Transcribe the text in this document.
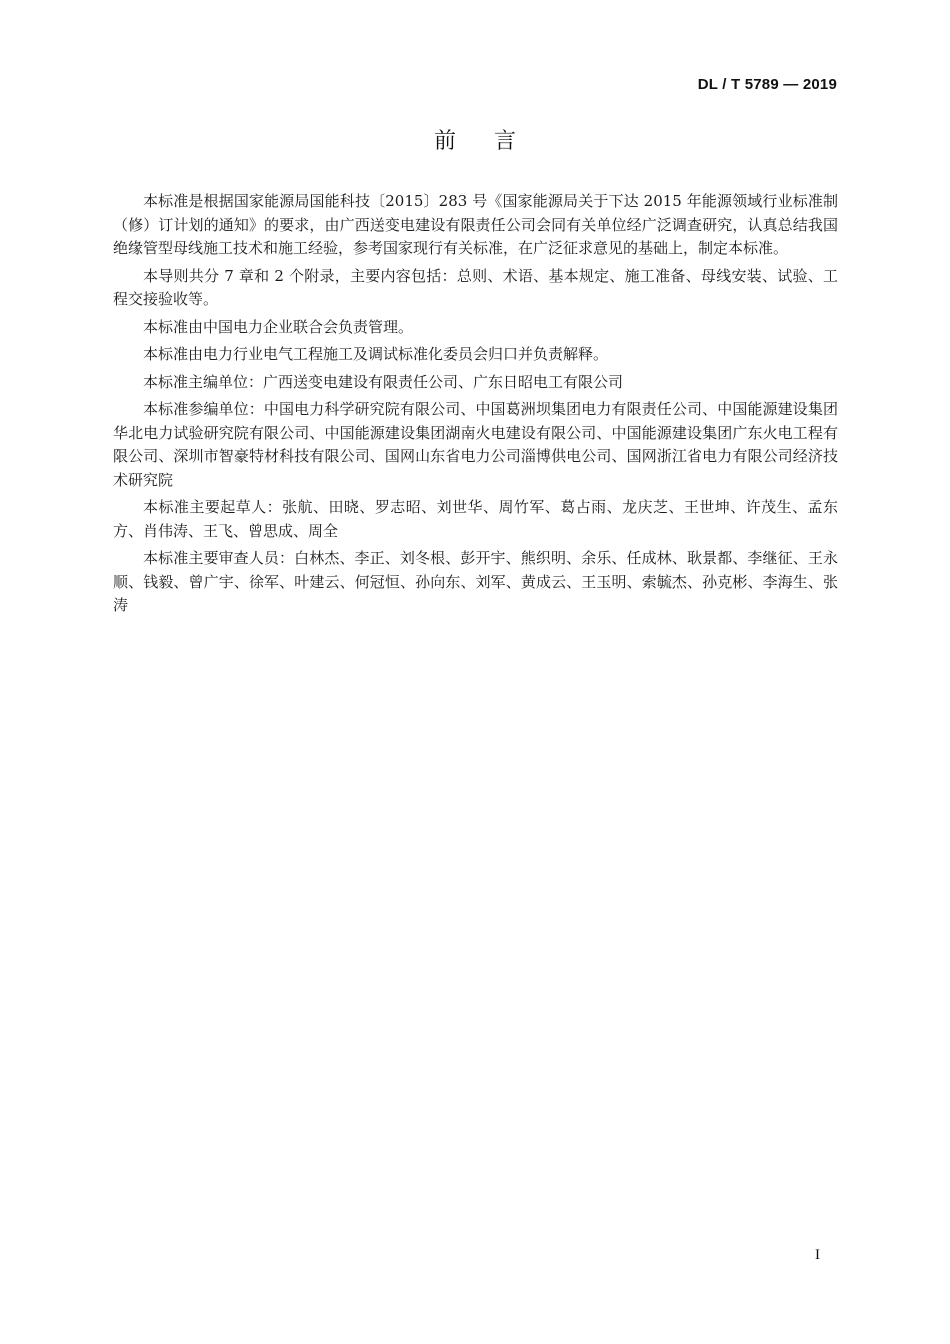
DL / T 5789 — 2019
前言

本标准是根据国家能源局国能科技〔2015〕283 号《国家能源局关于下达 2015 年能源领域行业标准制（修）订计划的通知》的要求，由广西送变电建设有限责任公司会同有关单位经广泛调查研究，认真总结我国绝缘管型母线施工技术和施工经验，参考国家现行有关标准，在广泛征求意见的基础上，制定本标准。

本导则共分 7 章和 2 个附录，主要内容包括：总则、术语、基本规定、施工准备、母线安装、试验、工程交接验收等。

本标准由中国电力企业联合会负责管理。

本标准由电力行业电气工程施工及调试标准化委员会归口并负责解释。

本标准主编单位：广西送变电建设有限责任公司、广东日昭电工有限公司

本标准参编单位：中国电力科学研究院有限公司、中国葛洲坝集团电力有限责任公司、中国能源建设集团华北电力试验研究院有限公司、中国能源建设集团湖南火电建设有限公司、中国能源建设集团广东火电工程有限公司、深圳市智豪特材科技有限公司、国网山东省电力公司淄博供电公司、国网浙江省电力有限公司经济技术研究院

本标准主要起草人：张航、田晓、罗志昭、刘世华、周竹军、葛占雨、龙庆芝、王世坤、许茂生、孟东方、肖伟涛、王飞、曾思成、周全

本标准主要审查人员：白林杰、李正、刘冬根、彭开宇、熊织明、余乐、任成林、耿景都、李继征、王永顺、钱毅、曾广宇、徐军、叶建云、何冠恒、孙向东、刘军、黄成云、王玉明、索毓杰、孙克彬、李海生、张涛

I
